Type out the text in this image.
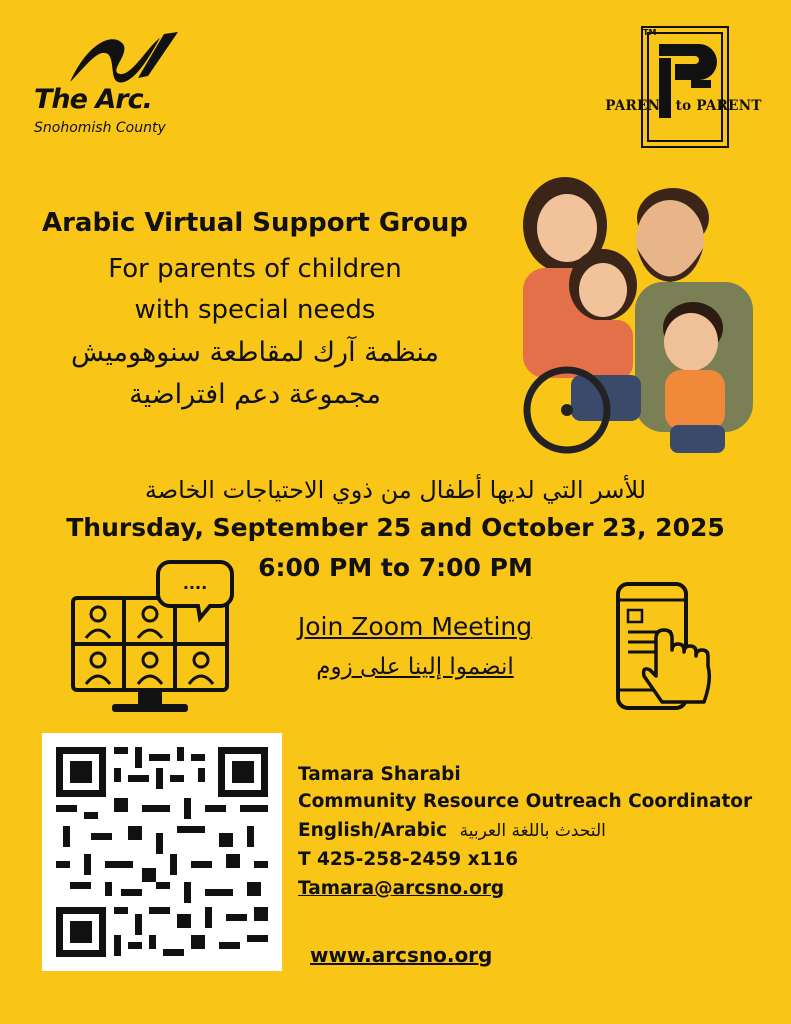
The Arc.
Snohomish County
TM
PARENT to PARENT
Arabic Virtual Support Group
For parents of children
with special needs
منظمة آرك لمقاطعة سنوهوميش
مجموعة دعم افتراضية
للأسر التي لديها أطفال من ذوي الاحتياجات الخاصة
Thursday, September 25 and October 23, 2025
6:00 PM to 7:00 PM
....
Join Zoom Meeting
انضموا إلينا على زوم
Tamara Sharabi
Community Resource Outreach Coordinator
English/Arabic التحدث باللغة العربية
T 425-258-2459 x116
Tamara@arcsno.org
www.arcsno.org
